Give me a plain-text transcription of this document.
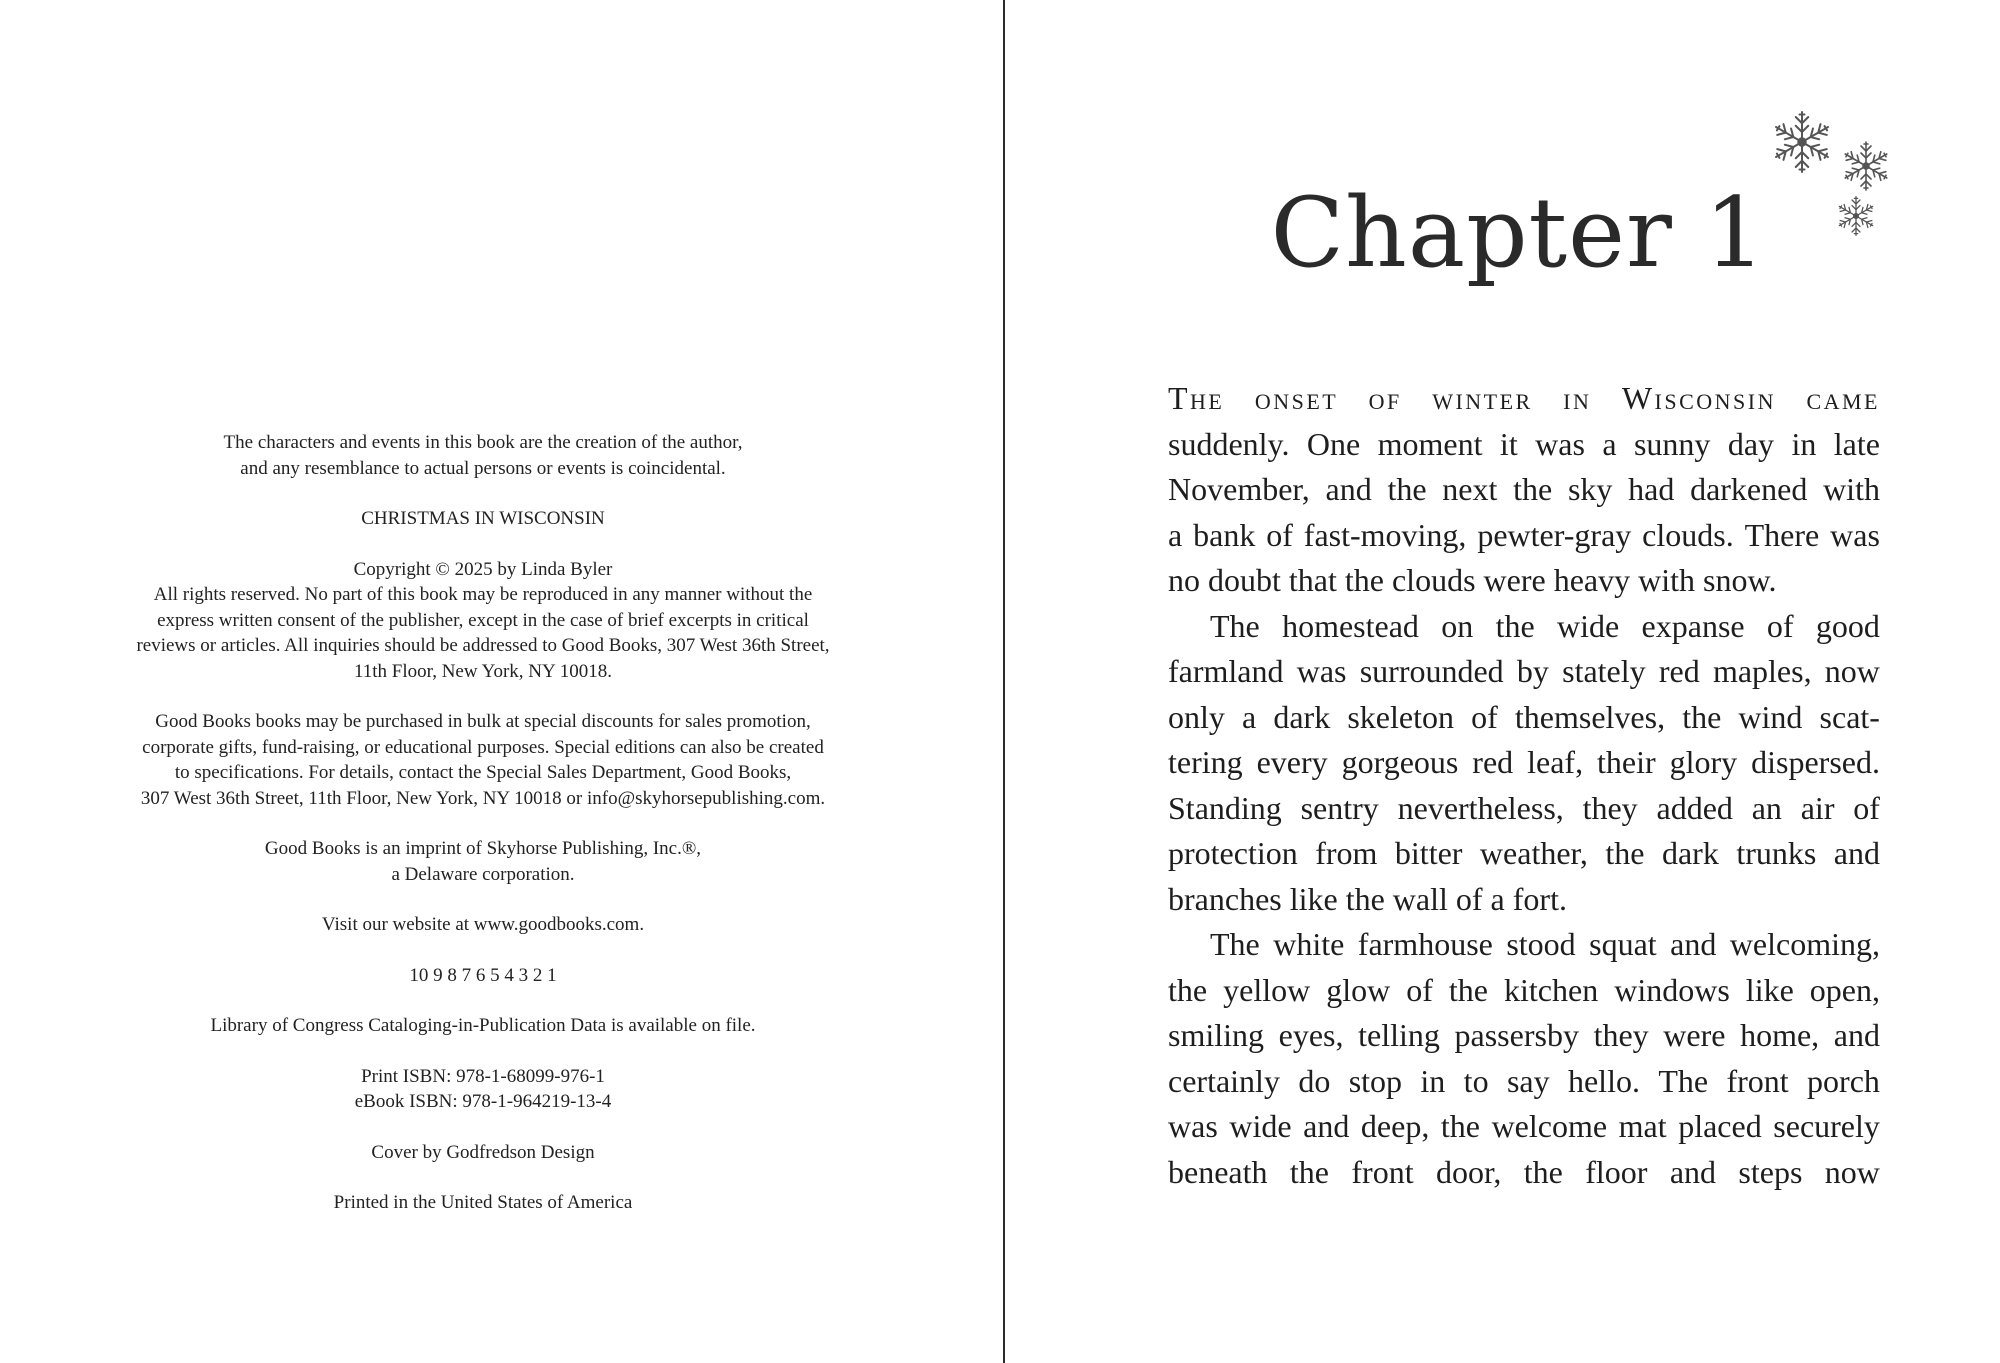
The characters and events in this book are the creation of the author,
and any resemblance to actual persons or events is coincidental.

CHRISTMAS IN WISCONSIN

Copyright © 2025 by Linda Byler
All rights reserved. No part of this book may be reproduced in any manner without the
express written consent of the publisher, except in the case of brief excerpts in critical
reviews or articles. All inquiries should be addressed to Good Books, 307 West 36th Street,
11th Floor, New York, NY 10018.

Good Books books may be purchased in bulk at special discounts for sales promotion,
corporate gifts, fund-raising, or educational purposes. Special editions can also be created
to specifications. For details, contact the Special Sales Department, Good Books,
307 West 36th Street, 11th Floor, New York, NY 10018 or info@skyhorsepublishing.com.

Good Books is an imprint of Skyhorse Publishing, Inc.®,
a Delaware corporation.

Visit our website at www.goodbooks.com.

10 9 8 7 6 5 4 3 2 1

Library of Congress Cataloging-in-Publication Data is available on file.

Print ISBN: 978-1-68099-976-1
eBook ISBN: 978-1-964219-13-4

Cover by Godfredson Design

Printed in the United States of America

Chapter 1
The onset of winter in Wisconsin came
suddenly. One moment it was a sunny day in late
November, and the next the sky had darkened with
a bank of fast-moving, pewter-gray clouds. There was
no doubt that the clouds were heavy with snow.
The homestead on the wide expanse of good
farmland was surrounded by stately red maples, now
only a dark skeleton of themselves, the wind scat-
tering every gorgeous red leaf, their glory dispersed.
Standing sentry nevertheless, they added an air of
protection from bitter weather, the dark trunks and
branches like the wall of a fort.
The white farmhouse stood squat and welcoming,
the yellow glow of the kitchen windows like open,
smiling eyes, telling passersby they were home, and
certainly do stop in to say hello. The front porch
was wide and deep, the welcome mat placed securely
beneath the front door, the floor and steps now
